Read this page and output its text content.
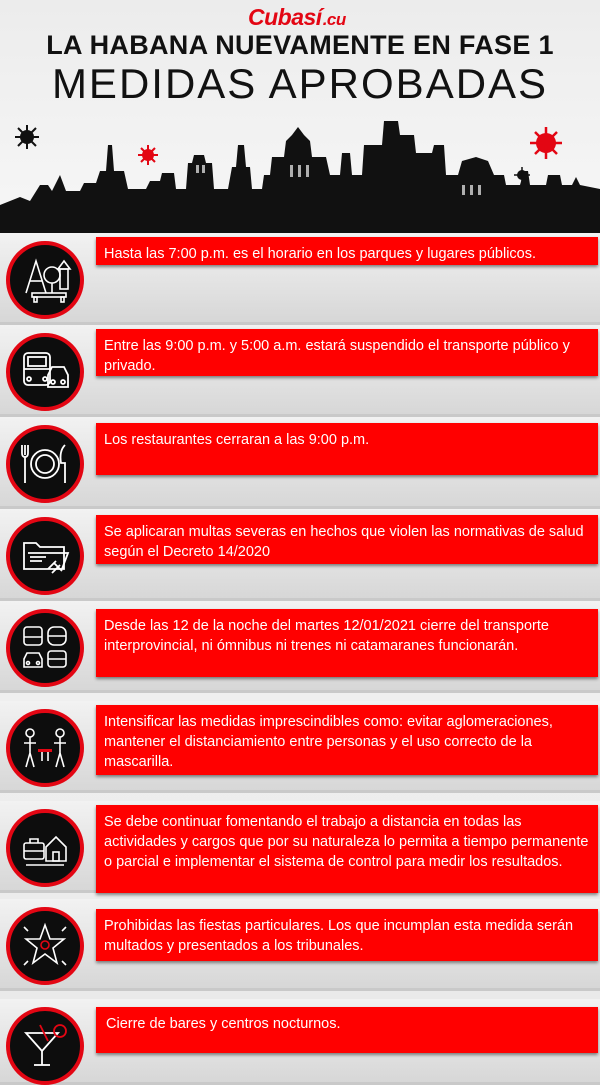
Cubasí .cu
LA HABANA NUEVAMENTE EN FASE 1
MEDIDAS APROBADAS
Hasta las 7:00 p.m. es el horario en los parques y lugares públicos.
Entre las 9:00 p.m. y 5:00 a.m. estará suspendido el transporte público y privado.
Los restaurantes cerraran a las 9:00 p.m.
Se aplicaran multas severas en hechos que violen las normativas de salud según el Decreto 14/2020
Desde las 12 de la noche del martes 12/01/2021 cierre del transporte interprovincial, ni ómnibus ni trenes ni catamaranes funcionarán.
Intensificar las medidas imprescindibles como: evitar aglomeraciones, mantener el distanciamiento entre personas y el uso correcto de la mascarilla.
Se debe continuar fomentando el trabajo a distancia en todas las actividades y cargos que por su naturaleza lo permita a tiempo permanente o parcial e implementar el sistema de control para medir los resultados.
Prohibidas las fiestas particulares. Los que incumplan esta medida serán multados y presentados a los tribunales.
Cierre de bares y centros nocturnos.
